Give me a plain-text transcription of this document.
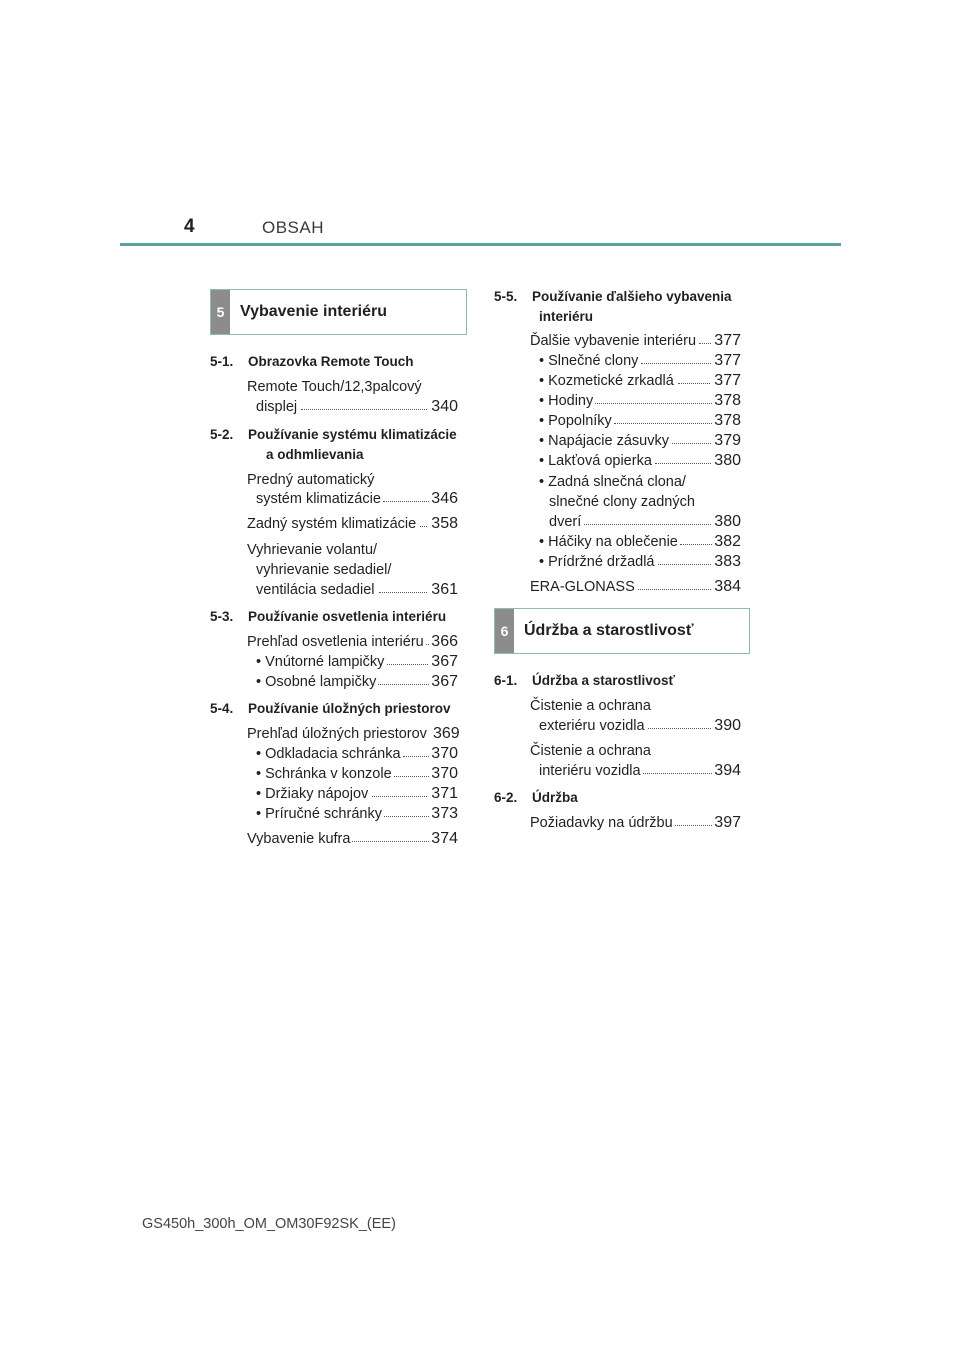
4	OBSAH
5 Vybavenie interiéru
5-1. Obrazovka Remote Touch
Remote Touch/12,3palcový
displej	340
5-2. Používanie systému klimatizácie
a odhmlievania
Predný automatický
systém klimatizácie	346
Zadný systém klimatizácie 358
Vyhrievanie volantu/
vyhrievanie sedadiel/
ventilácia sedadiel	361
5-3. Používanie osvetlenia interiéru
Prehľad osvetlenia interiéru 366
• Vnútorné lampičky	367
• Osobné lampičky	367
5-4. Používanie úložných priestorov
Prehľad úložných priestorov 369
• Odkladacia schránka 370
• Schránka v konzole 370
• Držiaky nápojov	371
• Príručné schránky	373
Vybavenie kufra	374
5-5. Používanie ďalšieho vybavenia
interiéru
Ďalšie vybavenie interiéru 377
• Slnečné clony	377
• Kozmetické zrkadlá	377
• Hodiny	378
• Popolníky	378
• Napájacie zásuvky	379
• Lakťová opierka	380
• Zadná slnečná clona/
slnečné clony zadných
dverí	380
• Háčiky na oblečenie 382
• Prídržné držadlá	383
ERA-GLONASS	384
6 Údržba a starostlivosť
6-1. Údržba a starostlivosť
Čistenie a ochrana
exteriéru vozidla	390
Čistenie a ochrana
interiéru vozidla	394
6-2. Údržba
Požiadavky na údržbu	397
GS450h_300h_OM_OM30F92SK_(EE)
